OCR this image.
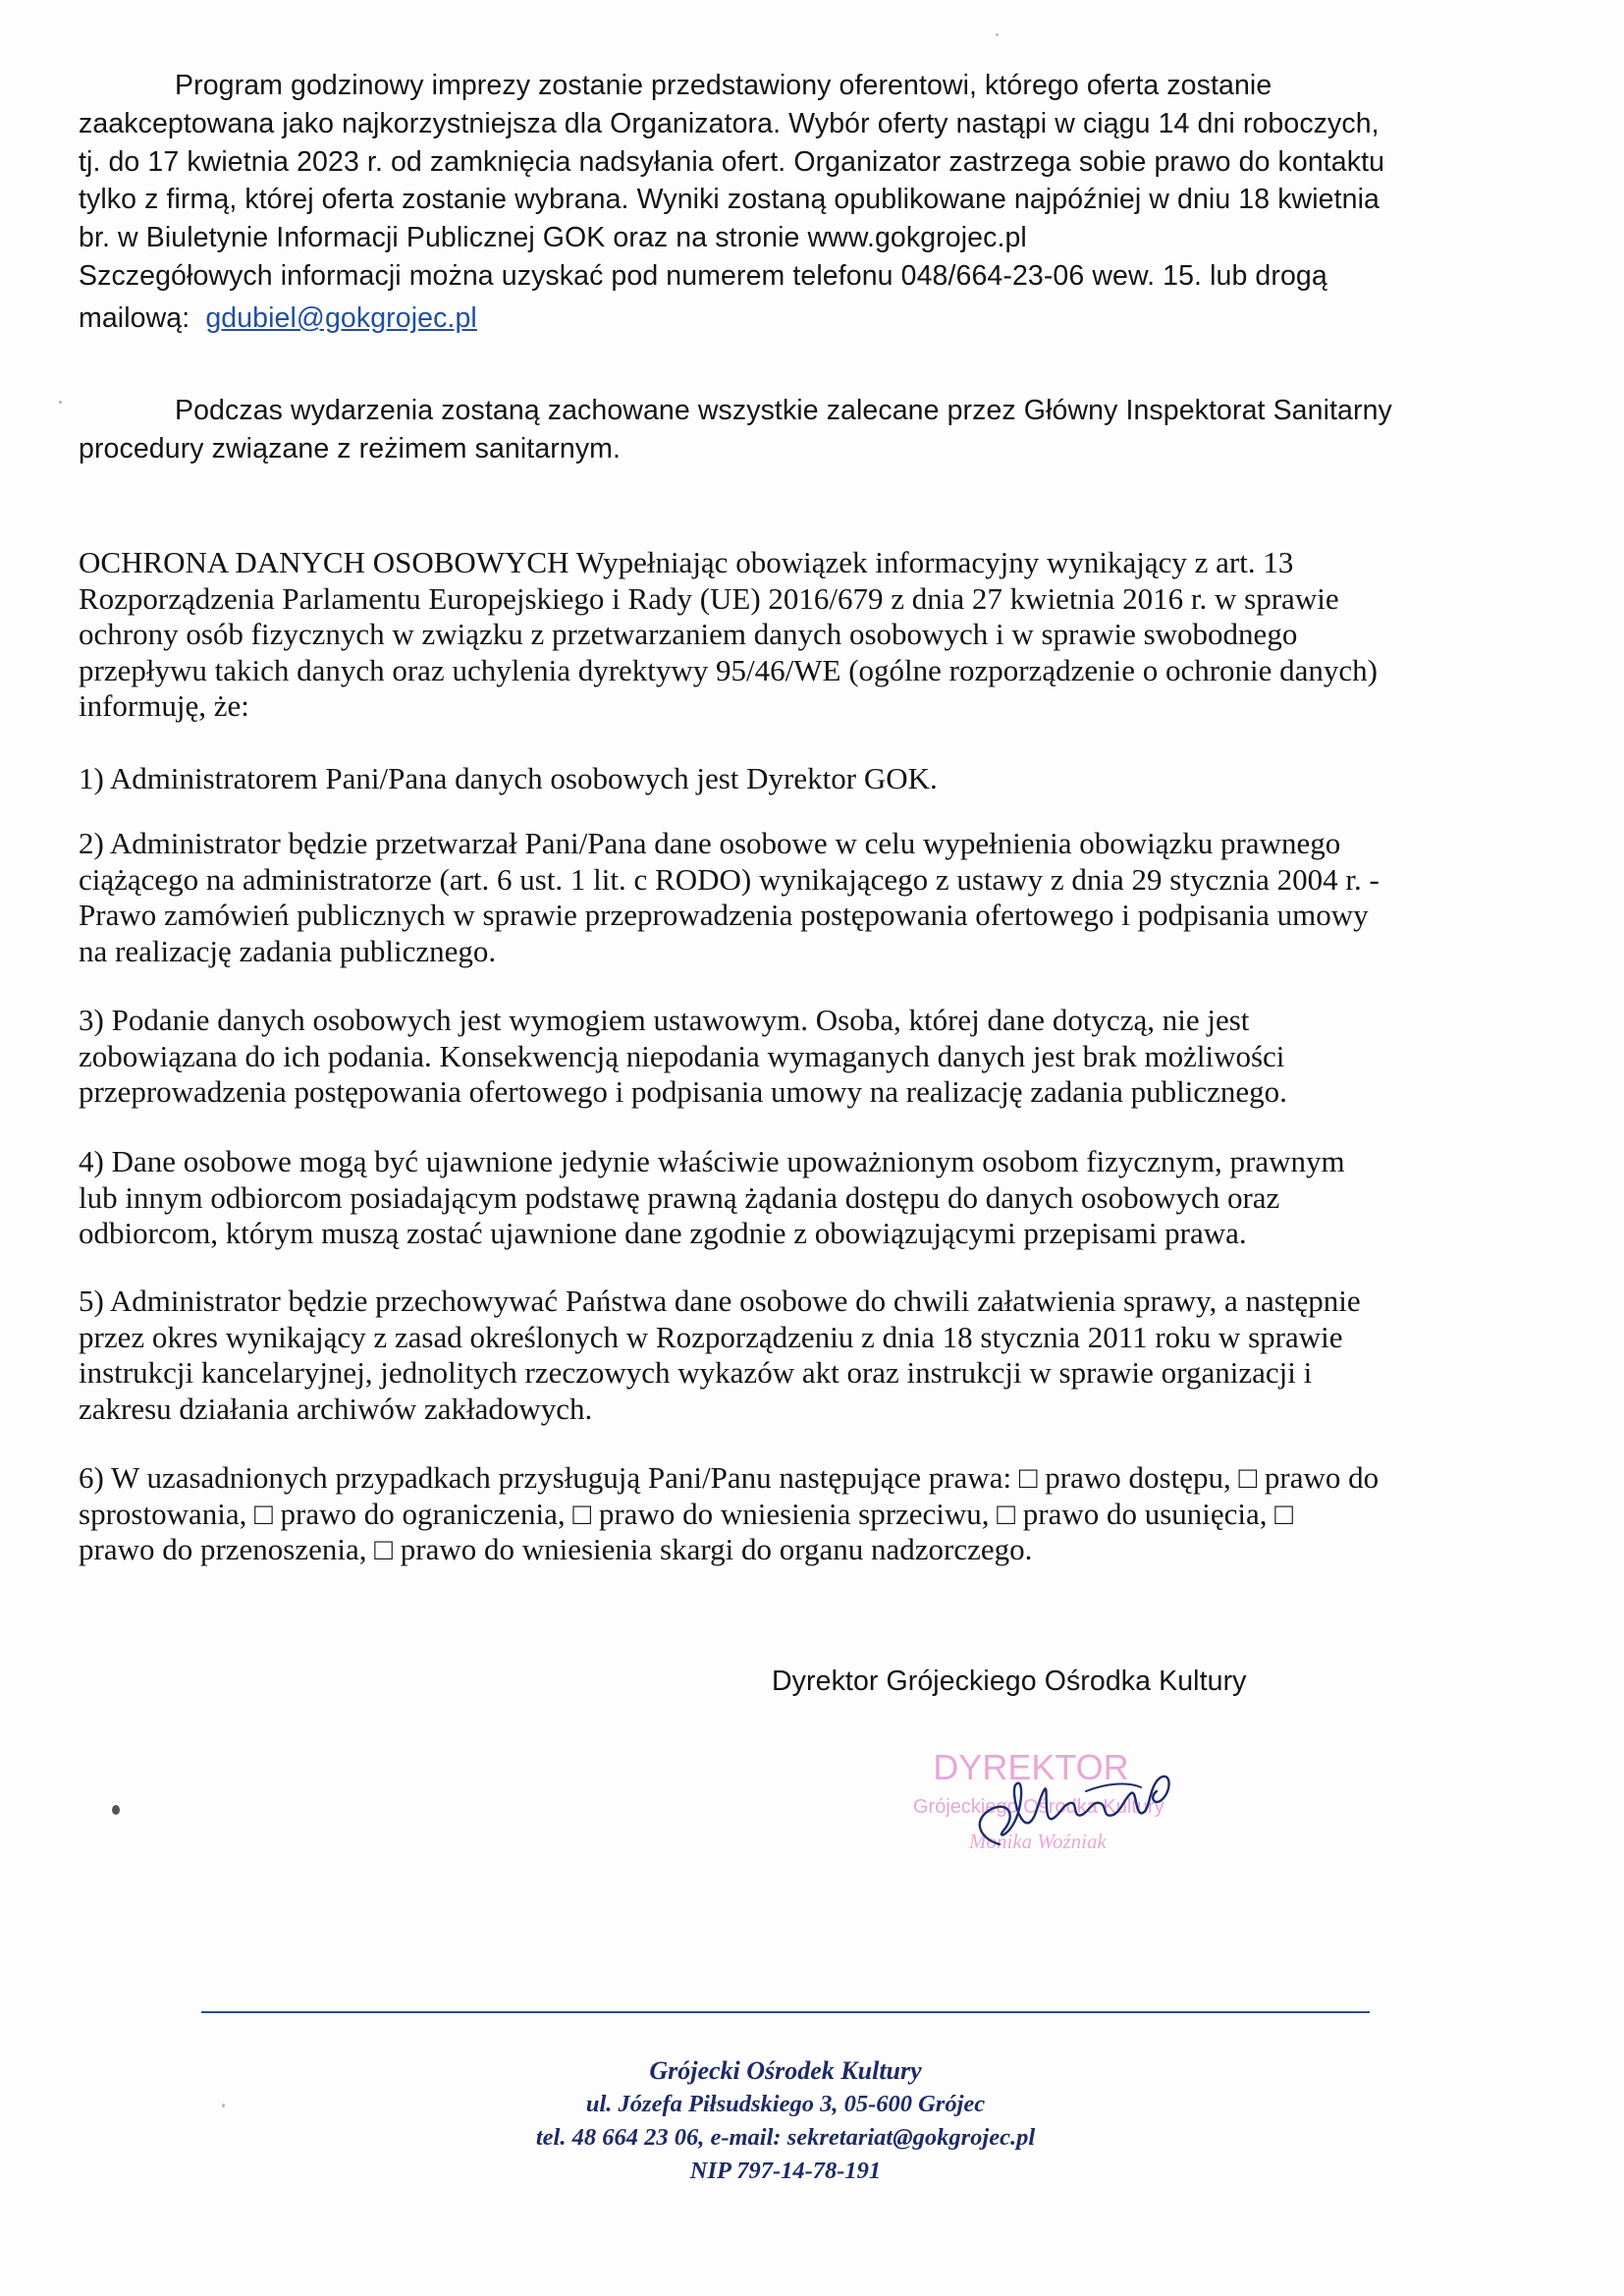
Program godzinowy imprezy zostanie przedstawiony oferentowi, którego oferta zostanie
zaakceptowana jako najkorzystniejsza dla Organizatora. Wybór oferty nastąpi w ciągu 14 dni roboczych,
tj. do 17 kwietnia 2023 r. od zamknięcia nadsyłania ofert. Organizator zastrzega sobie prawo do kontaktu
tylko z firmą, której oferta zostanie wybrana. Wyniki zostaną opublikowane najpóźniej w dniu 18 kwietnia
br. w Biuletynie Informacji Publicznej GOK oraz na stronie www.gokgrojec.pl
Szczegółowych informacji można uzyskać pod numerem telefonu 048/664-23-06 wew. 15. lub drogą
mailową: gdubiel@gokgrojec.pl
Podczas wydarzenia zostaną zachowane wszystkie zalecane przez Główny Inspektorat Sanitarny
procedury związane z reżimem sanitarnym.
OCHRONA DANYCH OSOBOWYCH Wypełniając obowiązek informacyjny wynikający z art. 13
Rozporządzenia Parlamentu Europejskiego i Rady (UE) 2016/679 z dnia 27 kwietnia 2016 r. w sprawie
ochrony osób fizycznych w związku z przetwarzaniem danych osobowych i w sprawie swobodnego
przepływu takich danych oraz uchylenia dyrektywy 95/46/WE (ogólne rozporządzenie o ochronie danych)
informuję, że:
1) Administratorem Pani/Pana danych osobowych jest Dyrektor GOK.
2) Administrator będzie przetwarzał Pani/Pana dane osobowe w celu wypełnienia obowiązku prawnego
ciążącego na administratorze (art. 6 ust. 1 lit. c RODO) wynikającego z ustawy z dnia 29 stycznia 2004 r. -
Prawo zamówień publicznych w sprawie przeprowadzenia postępowania ofertowego i podpisania umowy
na realizację zadania publicznego.
3) Podanie danych osobowych jest wymogiem ustawowym. Osoba, której dane dotyczą, nie jest
zobowiązana do ich podania. Konsekwencją niepodania wymaganych danych jest brak możliwości
przeprowadzenia postępowania ofertowego i podpisania umowy na realizację zadania publicznego.
4) Dane osobowe mogą być ujawnione jedynie właściwie upoważnionym osobom fizycznym, prawnym
lub innym odbiorcom posiadającym podstawę prawną żądania dostępu do danych osobowych oraz
odbiorcom, którym muszą zostać ujawnione dane zgodnie z obowiązującymi przepisami prawa.
5) Administrator będzie przechowywać Państwa dane osobowe do chwili załatwienia sprawy, a następnie
przez okres wynikający z zasad określonych w Rozporządzeniu z dnia 18 stycznia 2011 roku w sprawie
instrukcji kancelaryjnej, jednolitych rzeczowych wykazów akt oraz instrukcji w sprawie organizacji i
zakresu działania archiwów zakładowych.
6) W uzasadnionych przypadkach przysługują Pani/Panu następujące prawa: □ prawo dostępu, □ prawo do
sprostowania, □ prawo do ograniczenia, □ prawo do wniesienia sprzeciwu, □ prawo do usunięcia, □
prawo do przenoszenia, □ prawo do wniesienia skargi do organu nadzorczego.
Dyrektor Grójeckiego Ośrodka Kultury
DYREKTOR
Grójeckiego Ośrodka Kultury
Monika Woźniak
Grójecki Ośrodek Kultury
ul. Józefa Piłsudskiego 3, 05-600 Grójec
tel. 48 664 23 06, e-mail: sekretariat@gokgrojec.pl
NIP 797-14-78-191
